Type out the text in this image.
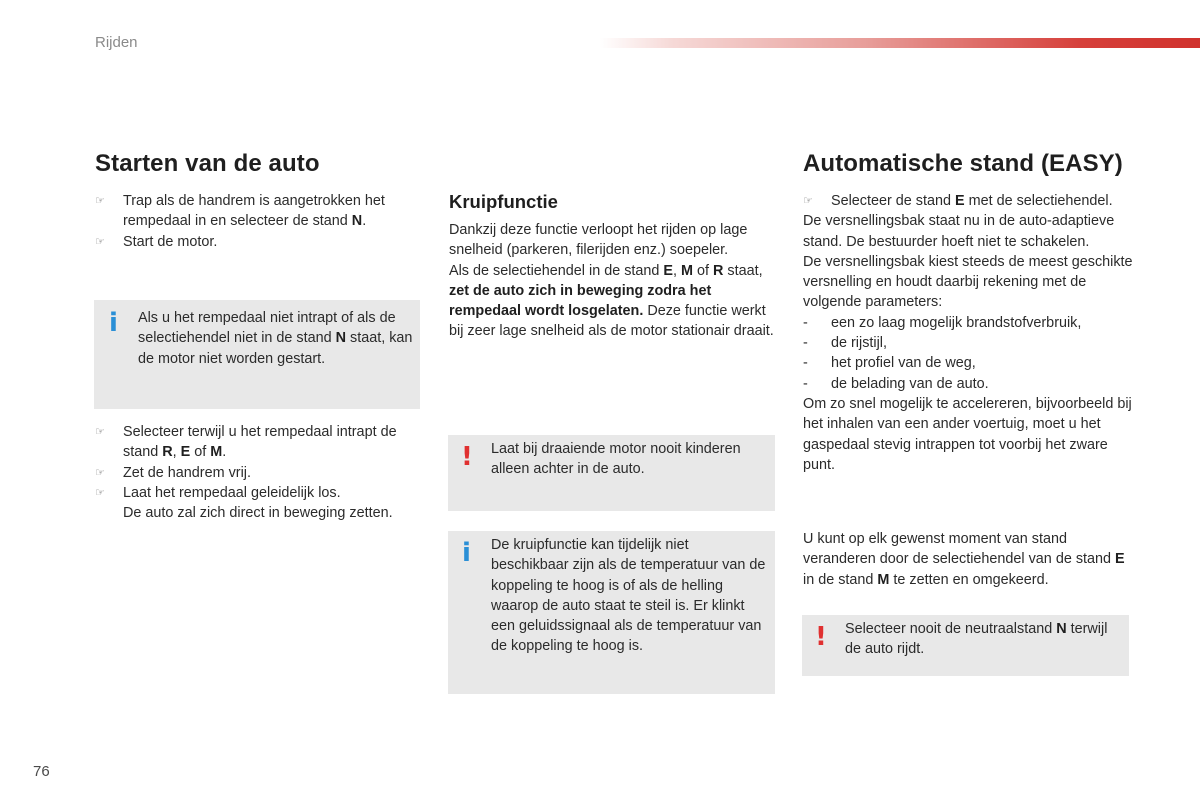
Rijden
Starten van de auto
☞	Trap als de handrem is aangetrokken het rempedaal in en selecteer de stand N.
☞	Start de motor.
i Als u het rempedaal niet intrapt of als de selectiehendel niet in de stand N staat, kan de motor niet worden gestart.
☞	Selecteer terwijl u het rempedaal intrapt de stand R, E of M.
☞	Zet de handrem vrij.
☞	Laat het rempedaal geleidelijk los.
De auto zal zich direct in beweging zetten.
Kruipfunctie

Dankzij deze functie verloopt het rijden op lage snelheid (parkeren, filerijden enz.) soepeler.

Als de selectiehendel in de stand E, M of R staat, zet de auto zich in beweging zodra het rempedaal wordt losgelaten. Deze functie werkt bij zeer lage snelheid als de motor stationair draait.

! Laat bij draaiende motor nooit kinderen alleen achter in de auto.
i De kruipfunctie kan tijdelijk niet beschikbaar zijn als de temperatuur van de koppeling te hoog is of als de helling waarop de auto staat te steil is. Er klinkt een geluidssignaal als de temperatuur van de koppeling te hoog is.
Automatische stand (EASY)
☞	Selecteer de stand E met de selectiehendel.

De versnellingsbak staat nu in de auto-adaptieve stand. De bestuurder hoeft niet te schakelen.

De versnellingsbak kiest steeds de meest geschikte versnelling en houdt daarbij rekening met de volgende parameters:

- een zo laag mogelijk brandstofverbruik,
- de rijstijl,
- het profiel van de weg,
- de belading van de auto.

Om zo snel mogelijk te accelereren, bijvoorbeeld bij het inhalen van een ander voertuig, moet u het gaspedaal stevig intrappen tot voorbij het zware punt.

U kunt op elk gewenst moment van stand veranderen door de selectiehendel van de stand E in de stand M te zetten en omgekeerd.
! Selecteer nooit de neutraalstand N terwijl de auto rijdt.
76
